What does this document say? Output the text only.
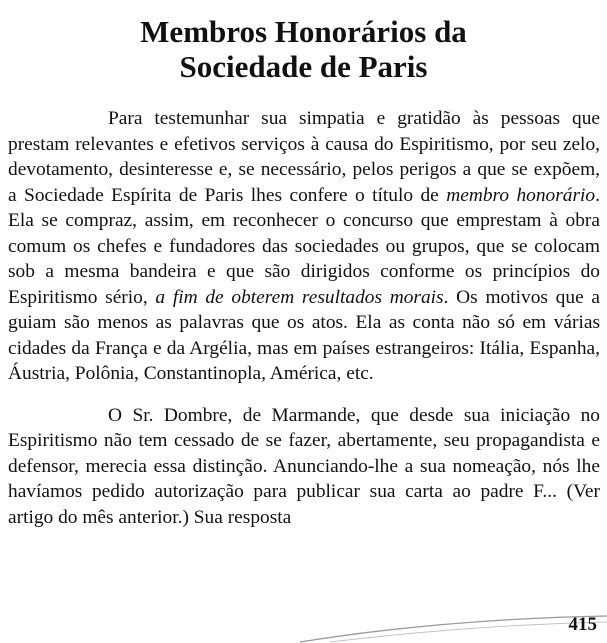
Membros Honorários da
Sociedade de Paris

Para testemunhar sua simpatia e gratidão às pessoas que prestam relevantes e efetivos serviços à causa do Espiritismo, por seu zelo, devotamento, desinteresse e, se necessário, pelos perigos a que se expõem, a Sociedade Espírita de Paris lhes confere o título de membro honorário. Ela se compraz, assim, em reconhecer o concurso que emprestam à obra comum os chefes e fundadores das sociedades ou grupos, que se colocam sob a mesma bandeira e que são dirigidos conforme os princípios do Espiritismo sério, a fim de obterem resultados morais. Os motivos que a guiam são menos as palavras que os atos. Ela as conta não só em várias cidades da França e da Argélia, mas em países estrangeiros: Itália, Espanha, Áustria, Polônia, Constantinopla, América, etc.

O Sr. Dombre, de Marmande, que desde sua iniciação no Espiritismo não tem cessado de se fazer, abertamente, seu propagandista e defensor, merecia essa distinção. Anunciando-lhe a sua nomeação, nós lhe havíamos pedido autorização para publicar sua carta ao padre F... (Ver artigo do mês anterior.) Sua resposta

415
